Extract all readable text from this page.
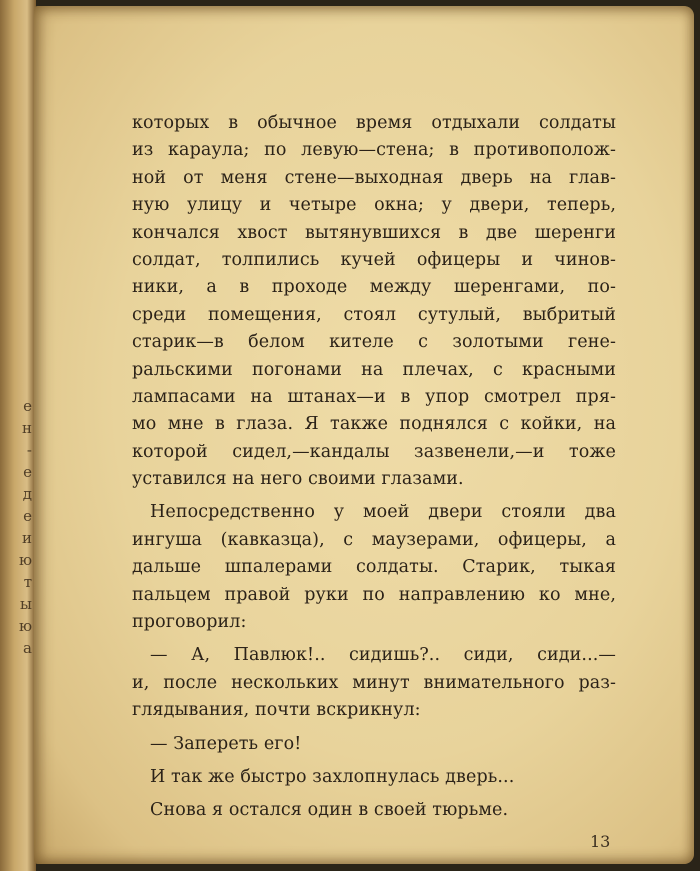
е
н
-
е
д
е
и
ю
т
ы
ю
а
которых в обычное время отдыхали солдаты
из караула; по левую—стена; в противополож-
ной от меня стене—выходная дверь на глав-
ную улицу и четыре окна; у двери, теперь,
кончался хвост вытянувшихся в две шеренги
солдат, толпились кучей офицеры и чинов-
ники, а в проходе между шеренгами, по-
среди помещения, стоял сутулый, выбритый
старик—в белом кителе с золотыми гене-
ральскими погонами на плечах, с красными
лампасами на штанах—и в упор смотрел пря-
мо мне в глаза. Я также поднялся с койки, на
которой сидел,—кандалы зазвенели,—и тоже
уставился на него своими глазами.
Непосредственно у моей двери стояли два
ингуша (кавказца), с маузерами, офицеры, а
дальше шпалерами солдаты. Старик, тыкая
пальцем правой руки по направлению ко мне,
проговорил:
— А, Павлюк!.. сидишь?.. сиди, сиди...—
и, после нескольких минут внимательного раз-
глядывания, почти вскрикнул:
— Запереть его!
И так же быстро захлопнулась дверь...
Снова я остался один в своей тюрьме.
13
